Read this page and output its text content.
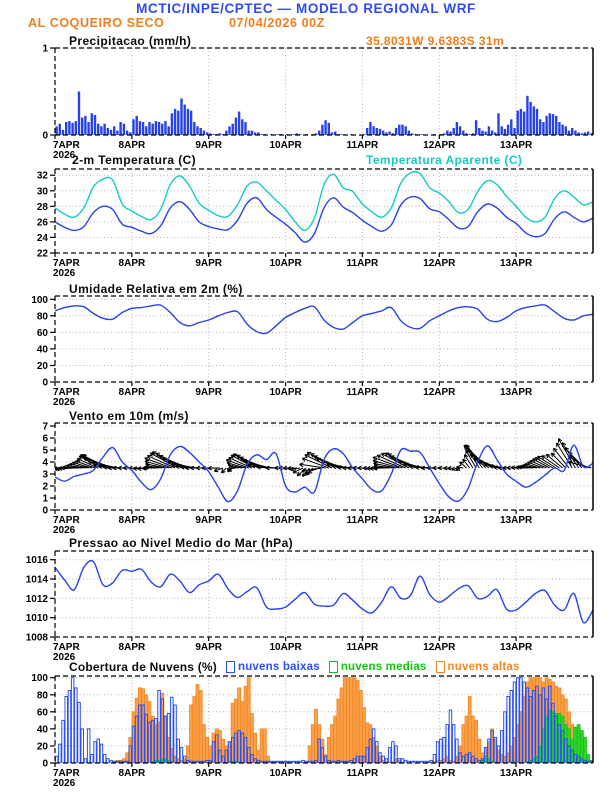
MCTIC/INPE/CPTEC — MODELO REGIONAL WRF
AL COQUEIRO SECO	07/04/2026 00Z
Precipitacao (mm/h)	35.8031W 9.6383S 31m
2-m Temperatura (C)	Temperatura Aparente (C)
Umidade Relativa em 2m (%)
Vento em 10m (m/s)
Pressao ao Nivel Medio do Mar (hPa)
Cobertura de Nuvens (%) nuvens baixas nuvens medias nuvens altas
0
1
7APR
2026
8APR	9APR	10APR	11APR	12APR	13APR
22
24
26
28
30
32
7APR
2026
8APR	9APR	10APR	11APR	12APR	13APR
0
20
40
60
80
100
7APR
2026
8APR	9APR	10APR	11APR	12APR	13APR
0
1
2
3
4
5
6
7
7APR
2026
8APR	9APR	10APR	11APR	12APR	13APR
1008
1010
1012
1014
1016
7APR
2026
8APR	9APR	10APR	11APR	12APR	13APR
0
20
40
60
80
100
7APR
2026
8APR	9APR	10APR	11APR	12APR	13APR
